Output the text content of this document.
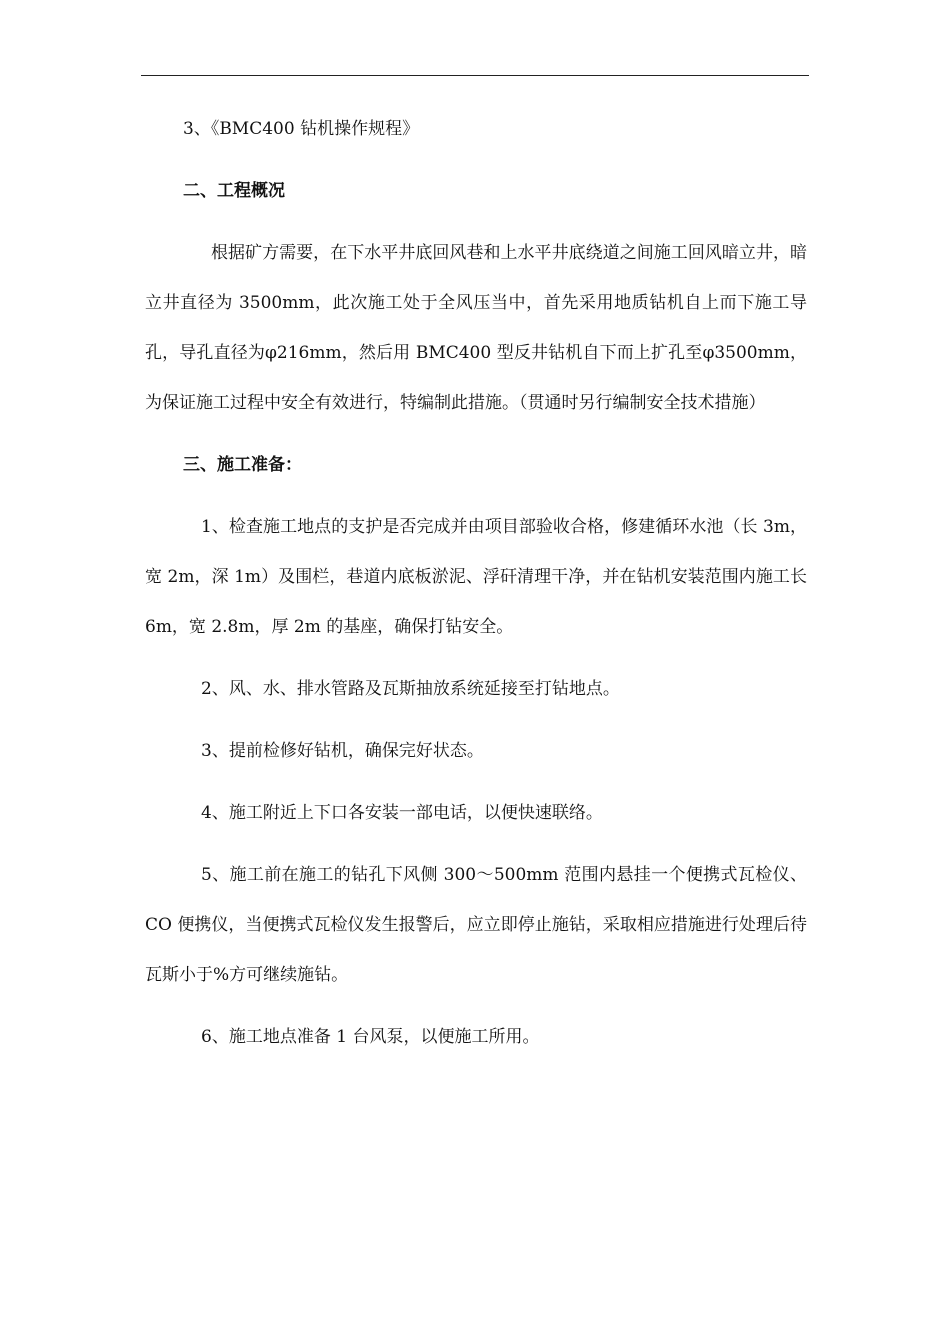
3、《BMC400 钻机操作规程》
二、工程概况

根据矿方需要，在下水平井底回风巷和上水平井底绕道之间施工回风暗立井，暗立井直径为 3500mm，此次施工处于全风压当中，首先采用地质钻机自上而下施工导孔，导孔直径为φ216mm，然后用 BMC400 型反井钻机自下而上扩孔至φ3500mm，为保证施工过程中安全有效进行，特编制此措施。（贯通时另行编制安全技术措施）

三、施工准备：

1、检查施工地点的支护是否完成并由项目部验收合格，修建循环水池（长 3m，宽 2m，深 1m）及围栏，巷道内底板淤泥、浮矸清理干净，并在钻机安装范围内施工长 6m，宽 2.8m，厚 2m 的基座，确保打钻安全。

2、风、水、排水管路及瓦斯抽放系统延接至打钻地点。

3、提前检修好钻机，确保完好状态。

4、施工附近上下口各安装一部电话，以便快速联络。

5、施工前在施工的钻孔下风侧 300～500mm 范围内悬挂一个便携式瓦检仪、CO 便携仪，当便携式瓦检仪发生报警后，应立即停止施钻，采取相应措施进行处理后待瓦斯小于%方可继续施钻。

6、施工地点准备 1 台风泵，以便施工所用。
